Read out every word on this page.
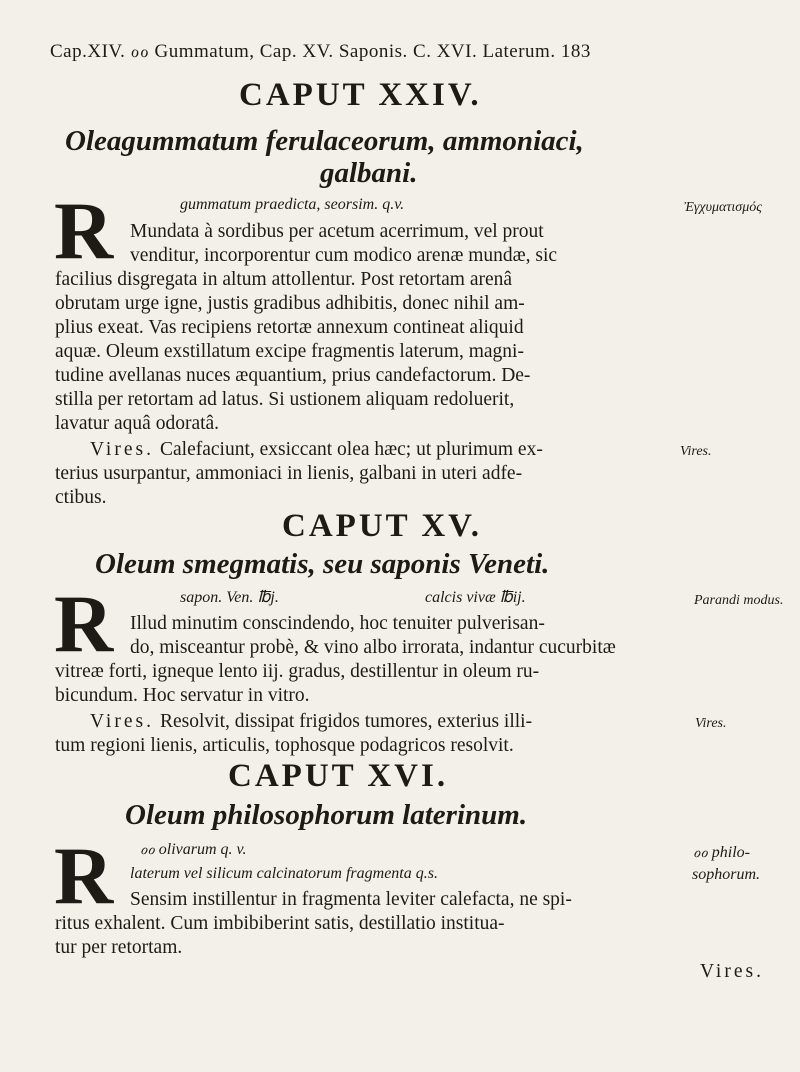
Cap.XIV. ℴℴ Gummatum, Cap. XV. Saponis. C. XVI. Laterum. 183
CAPUT XXIV.
Oleagummatum ferulaceorum, ammoniaci,
galbani.
R	gummatum praedicta, seorsim. q.v.	Ἐγχυματισμός
Mundata à sordibus per acetum acerrimum, vel prout
venditur, incorporentur cum modico arenæ mundæ, sic
facilius disgregata in altum attollentur. Post retortam arenâ
obrutam urge igne, justis gradibus adhibitis, donec nihil am-
plius exeat. Vas recipiens retortæ annexum contineat aliquid
aquæ. Oleum exstillatum excipe fragmentis laterum, magni-
tudine avellanas nuces æquantium, prius candefactorum. De-
stilla per retortam ad latus. Si ustionem aliquam redoluerit,
lavatur aquâ odoratâ.
Vires. Calefaciunt, exsiccant olea hæc; ut plurimum ex-	Vires.
terius usurpantur, ammoniaci in lienis, galbani in uteri adfe-
ctibus.
CAPUT XV.
Oleum smegmatis, seu saponis Veneti.
R	sapon. Ven. ℔j.	calcis vivæ ℔ij.	Parandi modus.
Illud minutim conscindendo, hoc tenuiter pulverisan-
do, misceantur probè, & vino albo irrorata, indantur cucurbitæ
vitreæ forti, igneque lento iij. gradus, destillentur in oleum ru-
bicundum. Hoc servatur in vitro.
Vires. Resolvit, dissipat frigidos tumores, exterius illi-	Vires.
tum regioni lienis, articulis, tophosque podagricos resolvit.
CAPUT XVI.
Oleum philosophorum laterinum.
R ℴℴ olivarum q. v.	ℴℴ philo-
laterum vel silicum calcinatorum fragmenta q.s.	sophorum.
Sensim instillentur in fragmenta leviter calefacta, ne spi-
ritus exhalent. Cum imbibiberint satis, destillatio instituа-
tur per retortam.
Vires.
